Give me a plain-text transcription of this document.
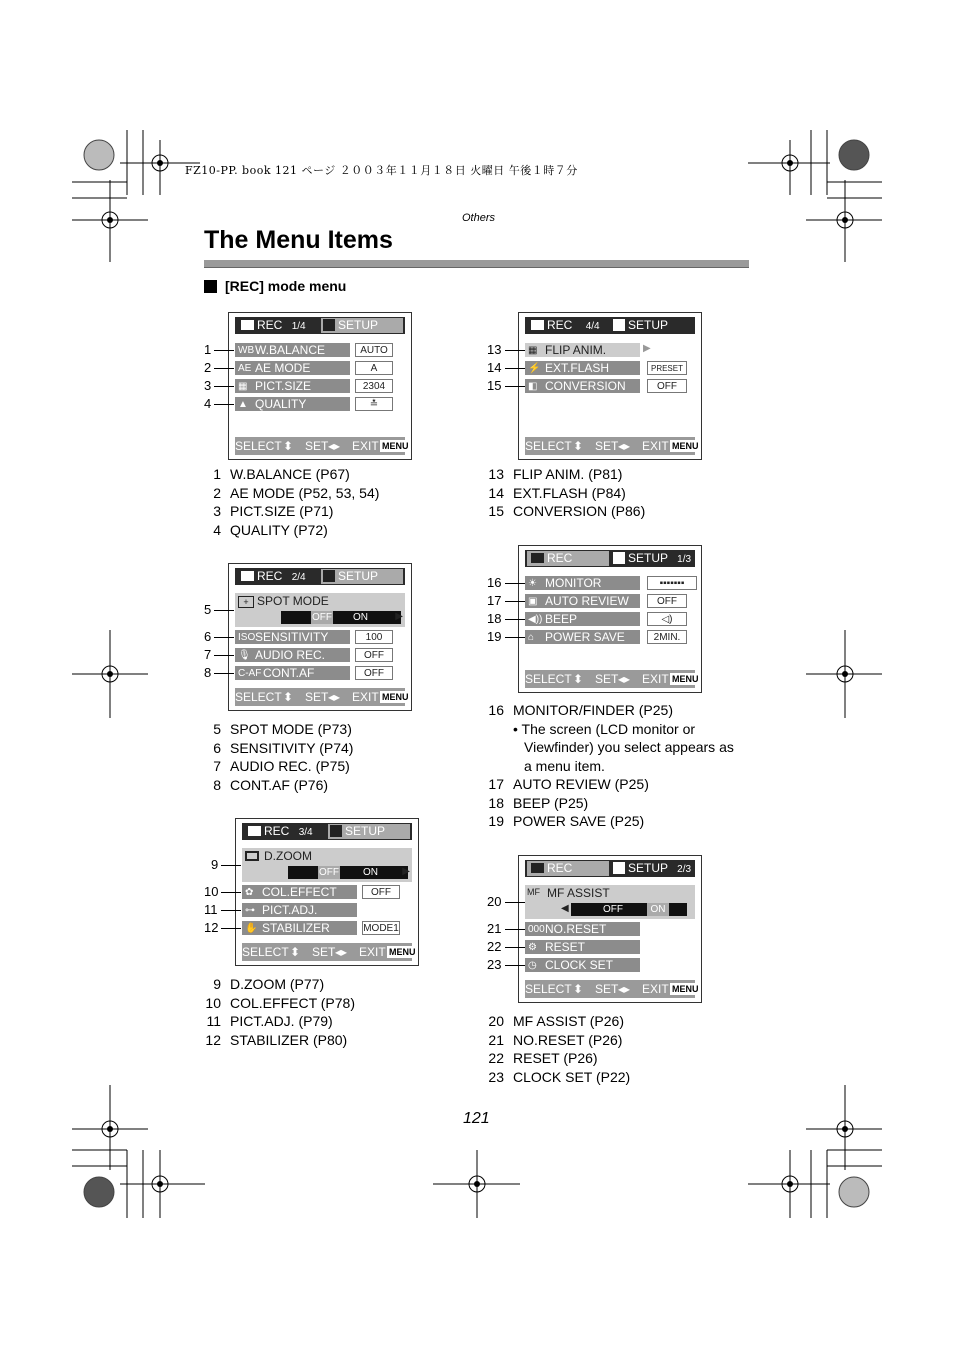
FZ10-PP. book 121 ページ ２００３年１１月１８日 火曜日 午後１時７分
Others
The Menu Items
[REC] mode menu
REC 1/4	SETUP
WB W.BALANCE	AUTO
AE AE MODE	A
▦ PICT.SIZE	2304
▲ QUALITY	≛
SELECT ⬍ SET ◂▸ EXIT MENU
1
2
3
4
1 W.BALANCE (P67)
2 AE MODE (P52, 53, 54)
3 PICT.SIZE (P71)
4 QUALITY (P72)
REC 2/4	SETUP
+ SPOT MODE
OFF ON	▶
ISO SENSITIVITY	100
🎙 AUDIO REC.	OFF
C-AF CONT.AF	OFF
SELECT ⬍ SET ◂▸ EXIT MENU
5
6
7
8
5 SPOT MODE (P73)
6 SENSITIVITY (P74)
7 AUDIO REC. (P75)
8 CONT.AF (P76)
REC 3/4	SETUP
D.ZOOM
OFF ON ▶
✿ COL.EFFECT	OFF
⊶ PICT.ADJ.
✋ STABILIZER	MODE1
SELECT ⬍ SET ◂▸ EXIT MENU
9
10
11
12
9 D.ZOOM (P77)
10 COL.EFFECT (P78)
11 PICT.ADJ. (P79)
12 STABILIZER (P80)
REC 4/4	SETUP
▦ FLIP ANIM.	▶
⚡ EXT.FLASH	PRESET
◧ CONVERSION	OFF
SELECT ⬍ SET ◂▸ EXIT MENU
13
14
15
13 FLIP ANIM. (P81)
14 EXT.FLASH (P84)
15 CONVERSION (P86)
REC	SETUP 1/3
☀ MONITOR	▪▪▪▪▪▪▪
▣ AUTO REVIEW	OFF
◀)) BEEP	◁)
⌂ POWER SAVE	2MIN.
SELECT ⬍ SET ◂▸ EXIT MENU
16
17
18
19
16 MONITOR/FINDER (P25)
• The screen (LCD monitor or
Viewfinder) you select appears as
a menu item.
17 AUTO REVIEW (P25)
18 BEEP (P25)
19 POWER SAVE (P25)
REC	SETUP 2/3
MF MF ASSIST
◀	OFF	ON
000 NO.RESET
⚙ RESET
◷ CLOCK SET
SELECT ⬍ SET ◂▸ EXIT MENU
20
21
22
23
20 MF ASSIST (P26)
21 NO.RESET (P26)
22 RESET (P26)
23 CLOCK SET (P22)
121
